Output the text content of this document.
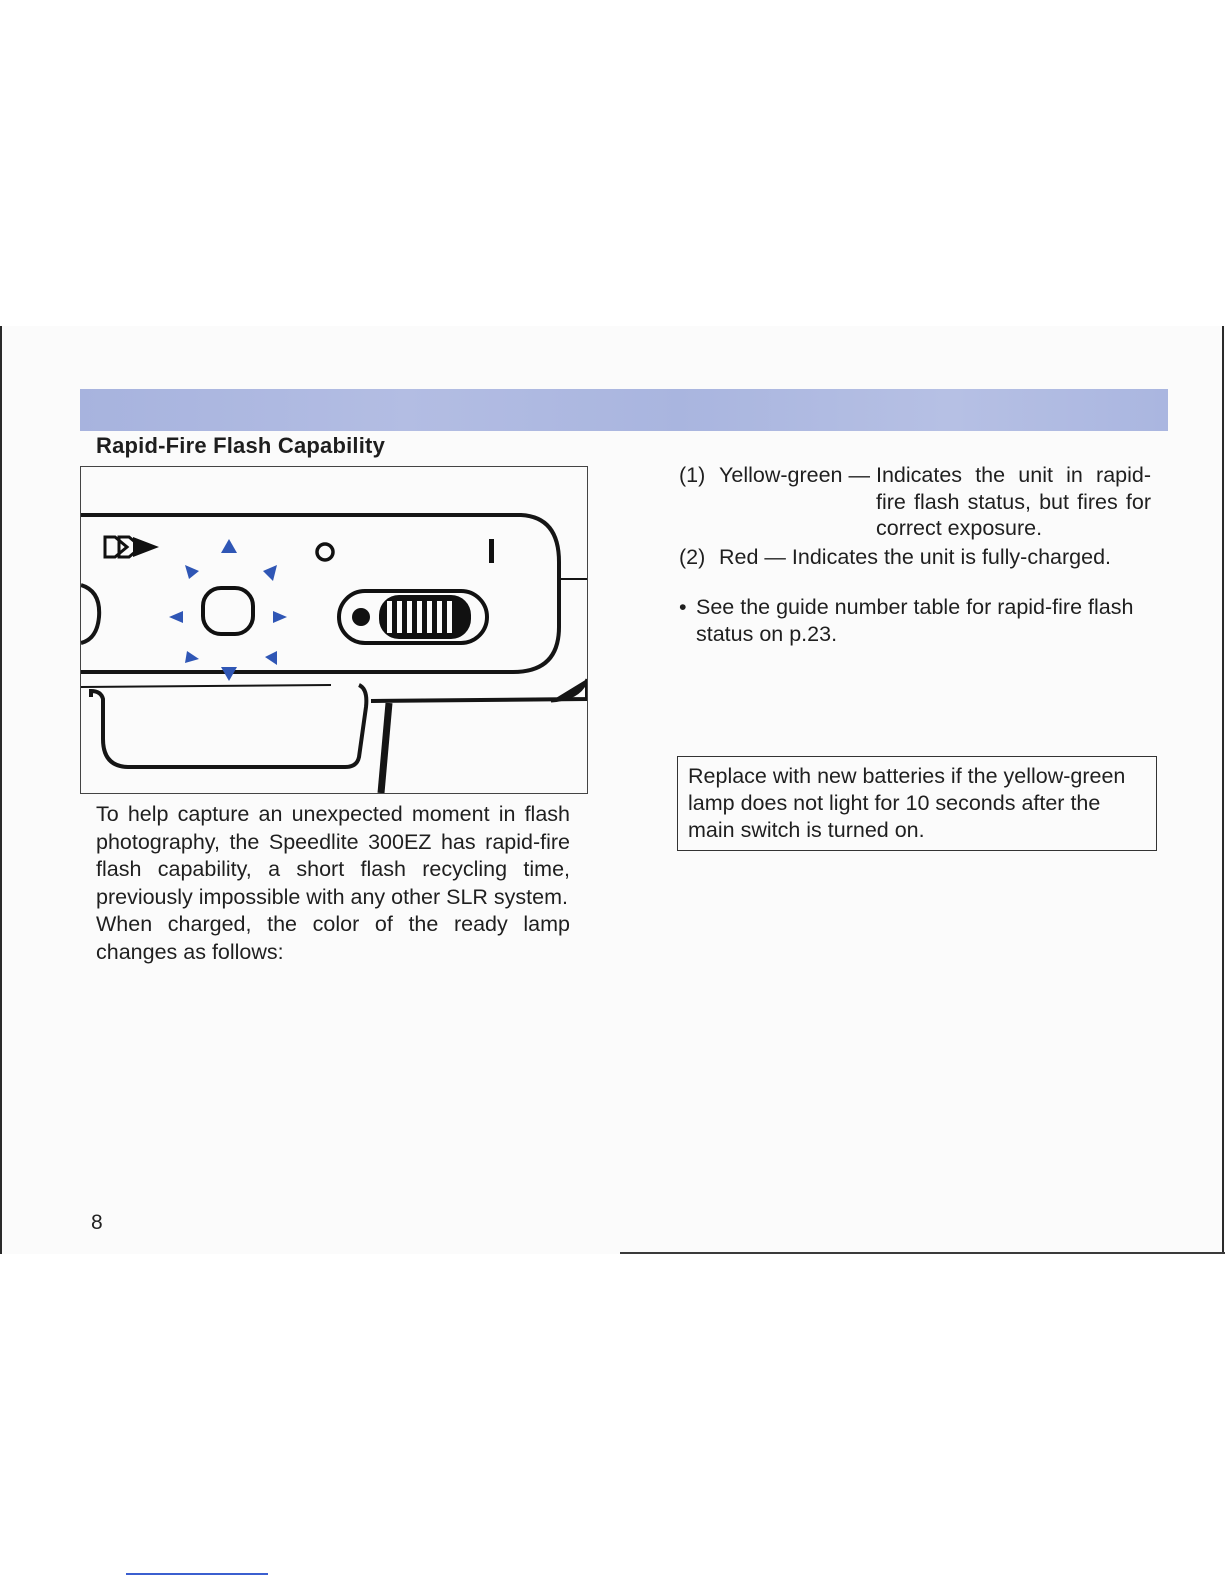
Rapid-Fire Flash Capability

To help capture an unexpected moment in flash photography, the Speedlite 300EZ has rapid-fire flash capability, a short flash recycling time, previously impossible with any other SLR system.

When charged, the color of the ready lamp changes as follows:

(1) Yellow-green — Indicates the unit in rapid-fire flash status, but fires for correct exposure.
(2) Red — Indicates the unit is fully-charged.
• See the guide number table for rapid-fire flash status on p.23.
Replace with new batteries if the yellow-green lamp does not light for 10 seconds after the main switch is turned on.
8
